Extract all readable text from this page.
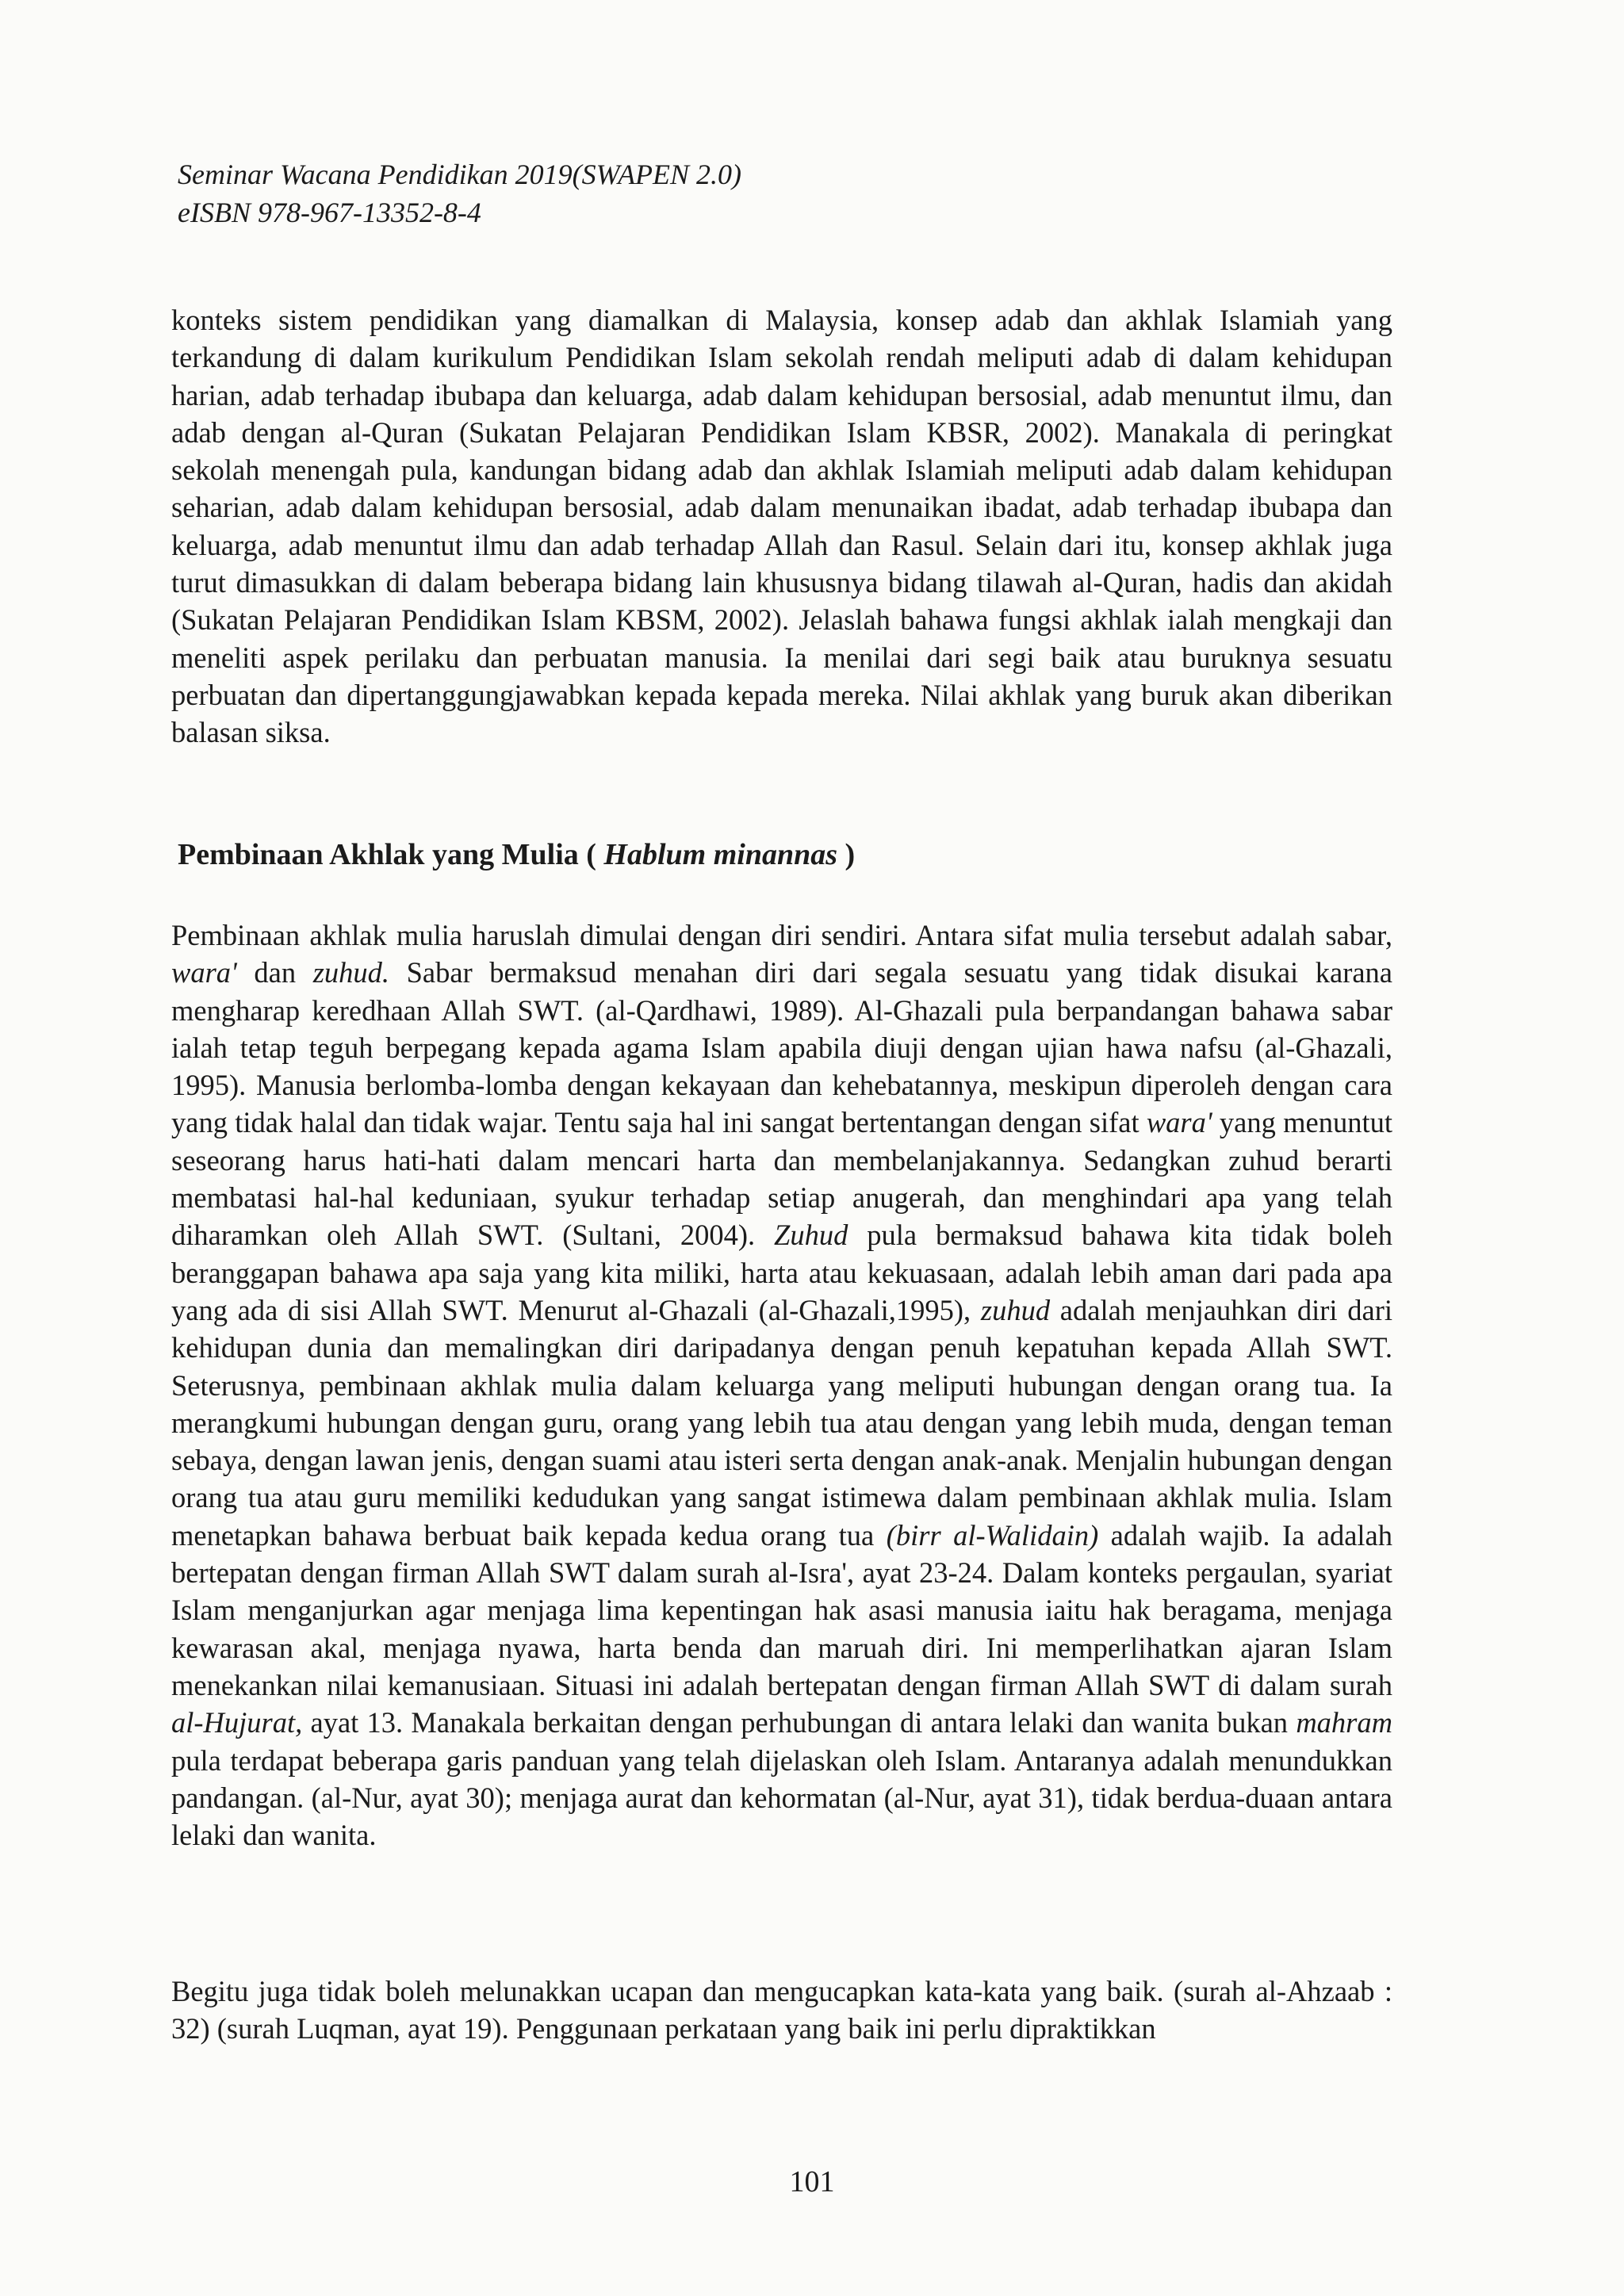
Seminar Wacana Pendidikan 2019(SWAPEN 2.0)
eISBN 978-967-13352-8-4

konteks sistem pendidikan yang diamalkan di Malaysia, konsep adab dan akhlak Islamiah yang terkandung di dalam kurikulum Pendidikan Islam sekolah rendah meliputi adab di dalam kehidupan harian, adab terhadap ibubapa dan keluarga, adab dalam kehidupan bersosial, adab menuntut ilmu, dan adab dengan al-Quran (Sukatan Pelajaran Pendidikan Islam KBSR, 2002). Manakala di peringkat sekolah menengah pula, kandungan bidang adab dan akhlak Islamiah meliputi adab dalam kehidupan seharian, adab dalam kehidupan bersosial, adab dalam menunaikan ibadat, adab terhadap ibubapa dan keluarga, adab menuntut ilmu dan adab terhadap Allah dan Rasul. Selain dari itu, konsep akhlak juga turut dimasukkan di dalam beberapa bidang lain khususnya bidang tilawah al-Quran, hadis dan akidah (Sukatan Pelajaran Pendidikan Islam KBSM, 2002). Jelaslah bahawa fungsi akhlak ialah mengkaji dan meneliti aspek perilaku dan perbuatan manusia. Ia menilai dari segi baik atau buruknya sesuatu perbuatan dan dipertanggungjawabkan kepada kepada mereka. Nilai akhlak yang buruk akan diberikan balasan siksa.

Pembinaan Akhlak yang Mulia ( Hablum minannas )

Pembinaan akhlak mulia haruslah dimulai dengan diri sendiri. Antara sifat mulia tersebut adalah sabar, wara' dan zuhud. Sabar bermaksud menahan diri dari segala sesuatu yang tidak disukai karana mengharap keredhaan Allah SWT. (al-Qardhawi, 1989). Al-Ghazali pula berpandangan bahawa sabar ialah tetap teguh berpegang kepada agama Islam apabila diuji dengan ujian hawa nafsu (al-Ghazali, 1995). Manusia berlomba-lomba dengan kekayaan dan kehebatannya, meskipun diperoleh dengan cara yang tidak halal dan tidak wajar. Tentu saja hal ini sangat bertentangan dengan sifat wara' yang menuntut seseorang harus hati-hati dalam mencari harta dan membelanjakannya. Sedangkan zuhud berarti membatasi hal-hal keduniaan, syukur terhadap setiap anugerah, dan menghindari apa yang telah diharamkan oleh Allah SWT. (Sultani, 2004). Zuhud pula bermaksud bahawa kita tidak boleh beranggapan bahawa apa saja yang kita miliki, harta atau kekuasaan, adalah lebih aman dari pada apa yang ada di sisi Allah SWT. Menurut al-Ghazali (al-Ghazali,1995), zuhud adalah menjauhkan diri dari kehidupan dunia dan memalingkan diri daripadanya dengan penuh kepatuhan kepada Allah SWT. Seterusnya, pembinaan akhlak mulia dalam keluarga yang meliputi hubungan dengan orang tua. Ia merangkumi hubungan dengan guru, orang yang lebih tua atau dengan yang lebih muda, dengan teman sebaya, dengan lawan jenis, dengan suami atau isteri serta dengan anak-anak. Menjalin hubungan dengan orang tua atau guru memiliki kedudukan yang sangat istimewa dalam pembinaan akhlak mulia. Islam menetapkan bahawa berbuat baik kepada kedua orang tua (birr al-Walidain) adalah wajib. Ia adalah bertepatan dengan firman Allah SWT dalam surah al-Isra', ayat 23-24. Dalam konteks pergaulan, syariat Islam menganjurkan agar menjaga lima kepentingan hak asasi manusia iaitu hak beragama, menjaga kewarasan akal, menjaga nyawa, harta benda dan maruah diri. Ini memperlihatkan ajaran Islam menekankan nilai kemanusiaan. Situasi ini adalah bertepatan dengan firman Allah SWT di dalam surah al-Hujurat, ayat 13. Manakala berkaitan dengan perhubungan di antara lelaki dan wanita bukan mahram pula terdapat beberapa garis panduan yang telah dijelaskan oleh Islam. Antaranya adalah menundukkan pandangan. (al-Nur, ayat 30); menjaga aurat dan kehormatan (al-Nur, ayat 31), tidak berdua-duaan antara lelaki dan wanita.

Begitu juga tidak boleh melunakkan ucapan dan mengucapkan kata-kata yang baik. (surah al-Ahzaab : 32) (surah Luqman, ayat 19). Penggunaan perkataan yang baik ini perlu dipraktikkan

101
